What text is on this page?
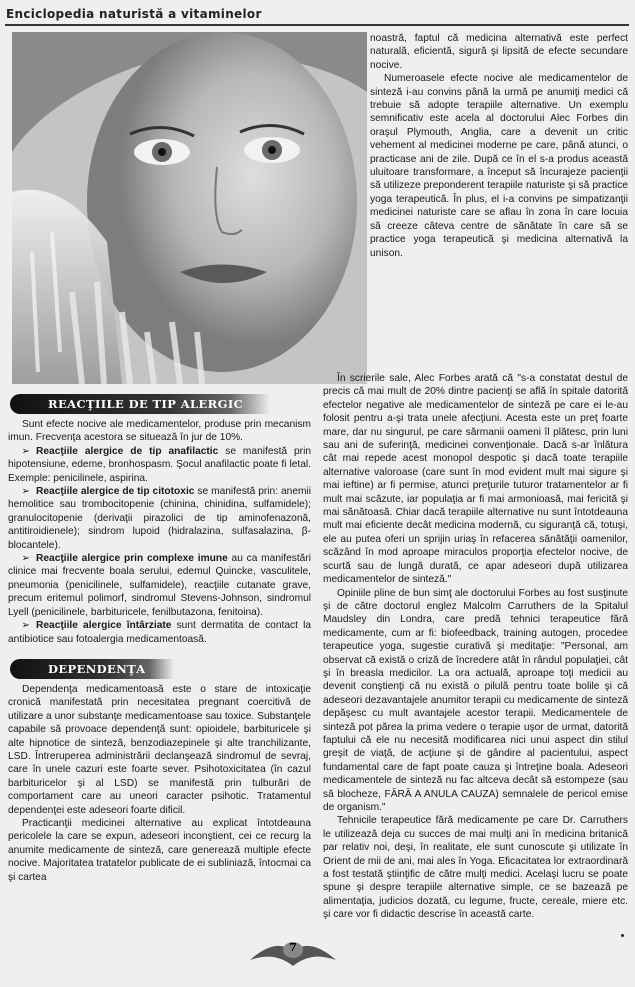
Enciclopedia naturistă a vitaminelor

noastră, faptul că medicina alternativă este perfect naturală, eficientă, sigură şi lipsită de efecte secundare nocive.

Numeroasele efecte nocive ale medicamentelor de sinteză i-au convins până la urmă pe anumiţi medici că trebuie să adopte terapiile alternative. Un exemplu semnificativ este acela al doctorului Alec Forbes din oraşul Plymouth, Anglia, care a devenit un critic vehement al medicinei moderne pe care, până atunci, o practicase ani de zile. După ce în el s-a produs această uluitoare transformare, a început să încurajeze pacienţii să utilizeze preponderent terapiile naturiste şi să practice yoga terapeutică. În plus, el i-a convins pe simpatizanţii medicinei naturiste care se aflau în zona în care locuia să creeze câteva centre de sănătate în care să se practice yoga terapeutică şi medicina alternativă la unison.

În scrierile sale, Alec Forbes arată că "s-a constatat destul de precis că mai mult de 20% dintre pacienţi se află în spitale datorită efectelor negative ale medicamentelor de sinteză pe care ei le-au folosit pentru a-şi trata unele afecţiuni. Acesta este un preţ foarte mare, dar nu singurul, pe care sărmanii oameni îl plătesc, prin luni sau ani de suferinţă, medicinei convenţionale. Dacă s-ar înlătura cât mai repede acest monopol despotic şi dacă toate terapiile alternative valoroase (care sunt în mod evident mult mai sigure şi mai ieftine) ar fi permise, atunci preţurile tuturor tratamentelor ar fi mult mai scăzute, iar populaţia ar fi mai armonioasă, mai fericită şi mai sănătoasă. Chiar dacă terapiile alternative nu sunt întotdeauna mult mai eficiente decât medicina modernă, cu siguranţă că, totuşi, ele au putea oferi un sprijin uriaş în refacerea sănătăţii oamenilor, scăzând în mod aproape miraculos proporţia efectelor nocive, de scurtă sau de lungă durată, ce apar adeseori după utilizarea medicamentelor de sinteză."

Opiniile pline de bun simţ ale doctorului Forbes au fost susţinute şi de către doctorul englez Malcolm Carruthers de la Spitalul Maudsley din Londra, care predă tehnici terapeutice fără medicamente, cum ar fi: biofeedback, training autogen, procedee terapeutice yoga, sugestie curativă şi meditaţie: "Personal, am observat că există o criză de încredere atât în rândul populaţiei, cât şi în breasla medicilor. La ora actuală, aproape toţi medicii au devenit conştienţi că nu există o pilulă pentru toate bolile şi că adeseori dezavantajele anumitor terapii cu medicamente de sinteză depăşesc cu mult avantajele acestor terapii. Medicamentele de sinteză pot părea la prima vedere o terapie uşor de urmat, datorită faptului că ele nu necesită modificarea nici unui aspect din stilul greşit de viaţă, de acţiune şi de gândire al pacientului, aspect fundamental care de fapt poate cauza şi întreţine boala. Adeseori medicamentele de sinteză nu fac altceva decât să estompeze (sau să blocheze, FĂRĂ A ANULA CAUZA) semnalele de pericol emise de organism."

Tehnicile terapeutice fără medicamente pe care Dr. Carruthers le utilizează deja cu succes de mai mulţi ani în medicina britanică par relativ noi, deşi, în realitate, ele sunt cunoscute şi utilizate în Orient de mii de ani, mai ales în Yoga. Eficacitatea lor extraordinară a fost testată ştiinţific de către mulţi medici. Acelaşi lucru se poate spune şi despre terapiile alternative simple, ce se bazează pe alimentaţia, judicios dozată, cu legume, fructe, cereale, miere etc. şi care vor fi didactic descrise în această carte.

REACŢIILE DE TIP ALERGIC

Sunt efecte nocive ale medicamentelor, produse prin mecanism imun. Frecvenţa acestora se situează în jur de 10%.

➢ Reacţiile alergice de tip anafilactic se manifestă prin hipotensiune, edeme, bronhospasm. Şocul anafilactic poate fi letal. Exemple: penicilinele, aspirina.

➢ Reacţiile alergice de tip citotoxic se manifestă prin: anemii hemolitice sau trombocitopenie (chinina, chinidina, sulfamidele); granulocitopenie (derivaţii pirazolici de tip aminofenazonă, antitiroidienele); sindrom lupoid (hidralazina, sulfasalazina, β-blocantele).

➢ Reacţiile alergice prin complexe imune au ca manifestări clinice mai frecvente boala serului, edemul Quincke, vasculitele, pneumonia (penicilinele, sulfamidele), reacţiile cutanate grave, precum eritemul polimorf, sindromul Stevens-Johnson, sindromul Lyell (penicilinele, barbituricele, fenilbutazona, fenitoina).

➢ Reacţiile alergice întârziate sunt dermatita de contact la antibiotice sau fotoalergia medicamentoasă.

DEPENDENŢA

Dependenţa medicamentoasă este o stare de intoxicaţie cronică manifestată prin necesitatea pregnant coercitivă de utilizare a unor substanţe medicamentoase sau toxice. Substanţele capabile să provoace dependenţă sunt: opioidele, barbituricele şi alte hipnotice de sinteză, benzodiazepinele şi alte tranchilizante, LSD. Întreruperea administrării declanşează sindromul de sevraj, care în unele cazuri este foarte sever. Psihotoxicitatea (în cazul barbituricelor şi al LSD) se manifestă prin tulburări de comportament care au uneori caracter psihotic. Tratamentul dependenţei este adeseori foarte dificil.

Practicanţii medicinei alternative au explicat întotdeauna pericolele la care se expun, adeseori inconştient, cei ce recurg la anumite medicamente de sinteză, care generează multiple efecte nocive. Majoritatea tratatelor publicate de ei subliniază, întocmai ca şi cartea

7
